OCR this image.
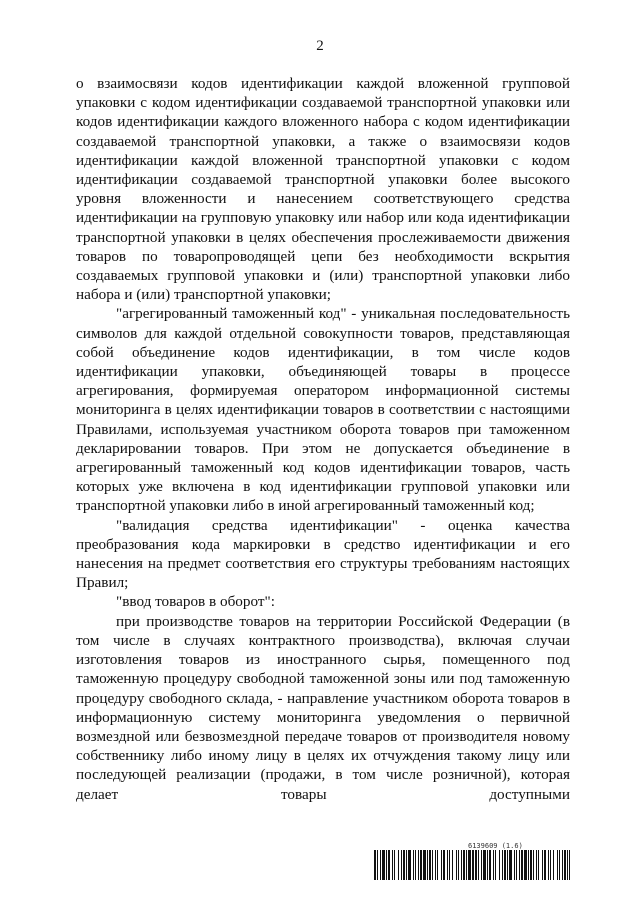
2

о взаимосвязи кодов идентификации каждой вложенной групповой упаковки с кодом идентификации создаваемой транспортной упаковки или кодов идентификации каждого вложенного набора с кодом идентификации создаваемой транспортной упаковки, а также о взаимосвязи кодов идентификации каждой вложенной транспортной упаковки с кодом идентификации создаваемой транспортной упаковки более высокого уровня вложенности и нанесением соответствующего средства идентификации на групповую упаковку или набор или кода идентификации транспортной упаковки в целях обеспечения прослеживаемости движения товаров по товаропроводящей цепи без необходимости вскрытия создаваемых групповой упаковки и (или) транспортной упаковки либо набора и (или) транспортной упаковки;

"агрегированный таможенный код" - уникальная последовательность символов для каждой отдельной совокупности товаров, представляющая собой объединение кодов идентификации, в том числе кодов идентификации упаковки, объединяющей товары в процессе агрегирования, формируемая оператором информационной системы мониторинга в целях идентификации товаров в соответствии с настоящими Правилами, используемая участником оборота товаров при таможенном декларировании товаров. При этом не допускается объединение в агрегированный таможенный код кодов идентификации товаров, часть которых уже включена в код идентификации групповой упаковки или транспортной упаковки либо в иной агрегированный таможенный код;

"валидация средства идентификации" - оценка качества преобразования кода маркировки в средство идентификации и его нанесения на предмет соответствия его структуры требованиям настоящих Правил;

"ввод товаров в оборот":

при производстве товаров на территории Российской Федерации (в том числе в случаях контрактного производства), включая случаи изготовления товаров из иностранного сырья, помещенного под таможенную процедуру свободной таможенной зоны или под таможенную процедуру свободного склада, - направление участником оборота товаров в информационную систему мониторинга уведомления о первичной возмездной или безвозмездной передаче товаров от производителя новому собственнику либо иному лицу в целях их отчуждения такому лицу или последующей реализации (продажи, в том числе розничной), которая делает товары доступными

6139609 (1.6)
